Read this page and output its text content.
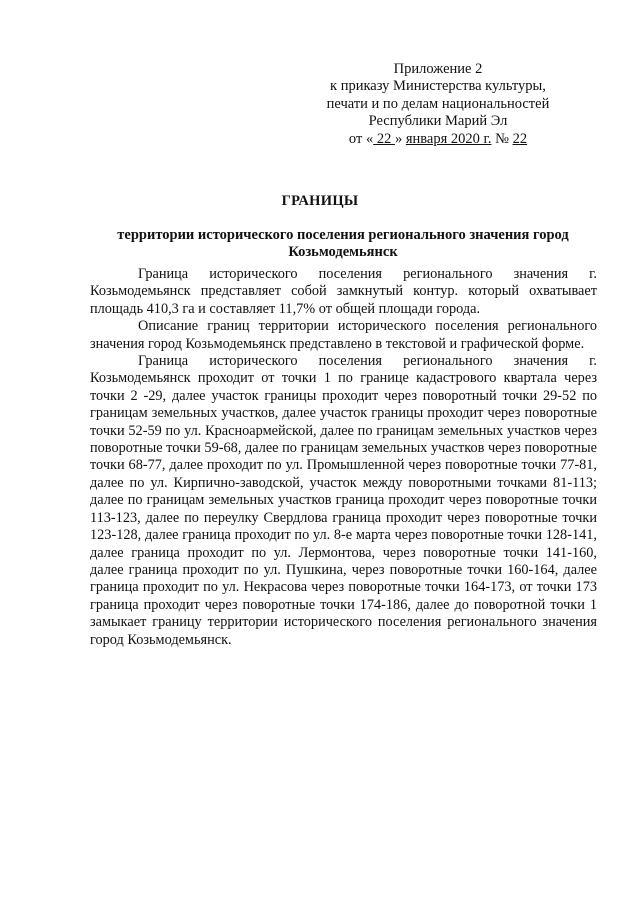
Приложение 2
к приказу Министерства культуры,
печати и по делам национальностей
Республики Марий Эл
от « 22 » января 2020 г. № 22
ГРАНИЦЫ
территории исторического поселения регионального значения город Козьмодемьянск

Граница исторического поселения регионального значения г. Козьмодемьянск представляет собой замкнутый контур. который охватывает площадь 410,3 га и составляет 11,7% от общей площади города.

Описание границ территории исторического поселения регионального значения город Козьмодемьянск представлено в текстовой и графической форме.

Граница исторического поселения регионального значения г. Козьмодемьянск проходит от точки 1 по границе кадастрового квартала через точки 2 -29, далее участок границы проходит через поворотный точки 29-52 по границам земельных участков, далее участок границы проходит через поворотные точки 52-59 по ул. Красноармейской, далее по границам земельных участков через поворотные точки 59-68, далее по границам земельных участков через поворотные точки 68-77, далее проходит по ул. Промышленной через поворотные точки 77-81, далее по ул. Кирпично-заводской, участок между поворотными точками 81-113; далее по границам земельных участков граница проходит через поворотные точки 113-123, далее по переулку Свердлова граница проходит через поворотные точки 123-128, далее граница проходит по ул. 8-е марта через поворотные точки 128-141, далее граница проходит по ул. Лермонтова, через поворотные точки 141-160, далее граница проходит по ул. Пушкина, через поворотные точки 160-164, далее граница проходит по ул. Некрасова через поворотные точки 164-173, от точки 173 граница проходит через поворотные точки 174-186, далее до поворотной точки 1 замыкает границу территории исторического поселения регионального значения город Козьмодемьянск.
